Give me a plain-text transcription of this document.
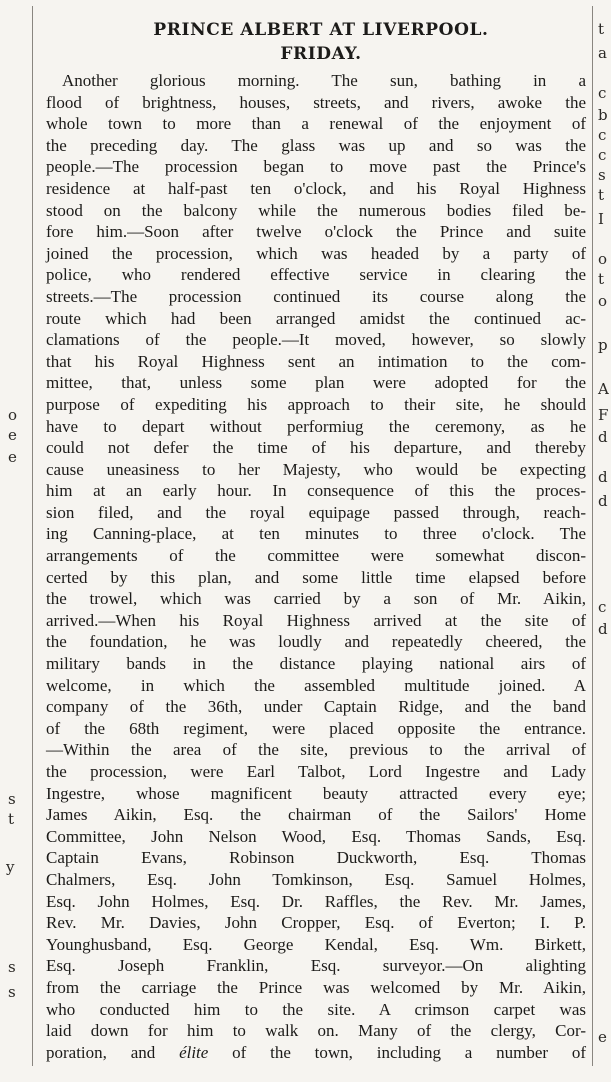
o
e
e
s
t
y
s
s
PRINCE ALBERT AT LIVERPOOL.
FRIDAY.
Another glorious morning. The sun, bathing in a
flood of brightness, houses, streets, and rivers, awoke the
whole town to more than a renewal of the enjoyment of
the preceding day. The glass was up and so was the
people.—The procession began to move past the Prince's
residence at half-past ten o'clock, and his Royal Highness
stood on the balcony while the numerous bodies filed be-
fore him.—Soon after twelve o'clock the Prince and suite
joined the procession, which was headed by a party of
police, who rendered effective service in clearing the
streets.—The procession continued its course along the
route which had been arranged amidst the continued ac-
clamations of the people.—It moved, however, so slowly
that his Royal Highness sent an intimation to the com-
mittee, that, unless some plan were adopted for the
purpose of expediting his approach to their site, he should
have to depart without performiug the ceremony, as he
could not defer the time of his departure, and thereby
cause uneasiness to her Majesty, who would be expecting
him at an early hour. In consequence of this the proces-
sion filed, and the royal equipage passed through, reach-
ing Canning-place, at ten minutes to three o'clock. The
arrangements of the committee were somewhat discon-
certed by this plan, and some little time elapsed before
the trowel, which was carried by a son of Mr. Aikin,
arrived.—When his Royal Highness arrived at the site of
the foundation, he was loudly and repeatedly cheered, the
military bands in the distance playing national airs of
welcome, in which the assembled multitude joined. A
company of the 36th, under Captain Ridge, and the band
of the 68th regiment, were placed opposite the entrance.
—Within the area of the site, previous to the arrival of
the procession, were Earl Talbot, Lord Ingestre and Lady
Ingestre, whose magnificent beauty attracted every eye;
James Aikin, Esq. the chairman of the Sailors' Home
Committee, John Nelson Wood, Esq. Thomas Sands, Esq.
Captain Evans, Robinson Duckworth, Esq. Thomas
Chalmers, Esq. John Tomkinson, Esq. Samuel Holmes,
Esq. John Holmes, Esq. Dr. Raffles, the Rev. Mr. James,
Rev. Mr. Davies, John Cropper, Esq. of Everton; I. P.
Younghusband, Esq. George Kendal, Esq. Wm. Birkett,
Esq. Joseph Franklin, Esq. surveyor.—On alighting
from the carriage the Prince was welcomed by Mr. Aikin,
who conducted him to the site. A crimson carpet was
laid down for him to walk on. Many of the clergy, Cor-
poration, and élite of the town, including a number of
t
a
c
b
c
c
s
t
I
o
t
o
p
A
F
d
d
d
c
d
e
